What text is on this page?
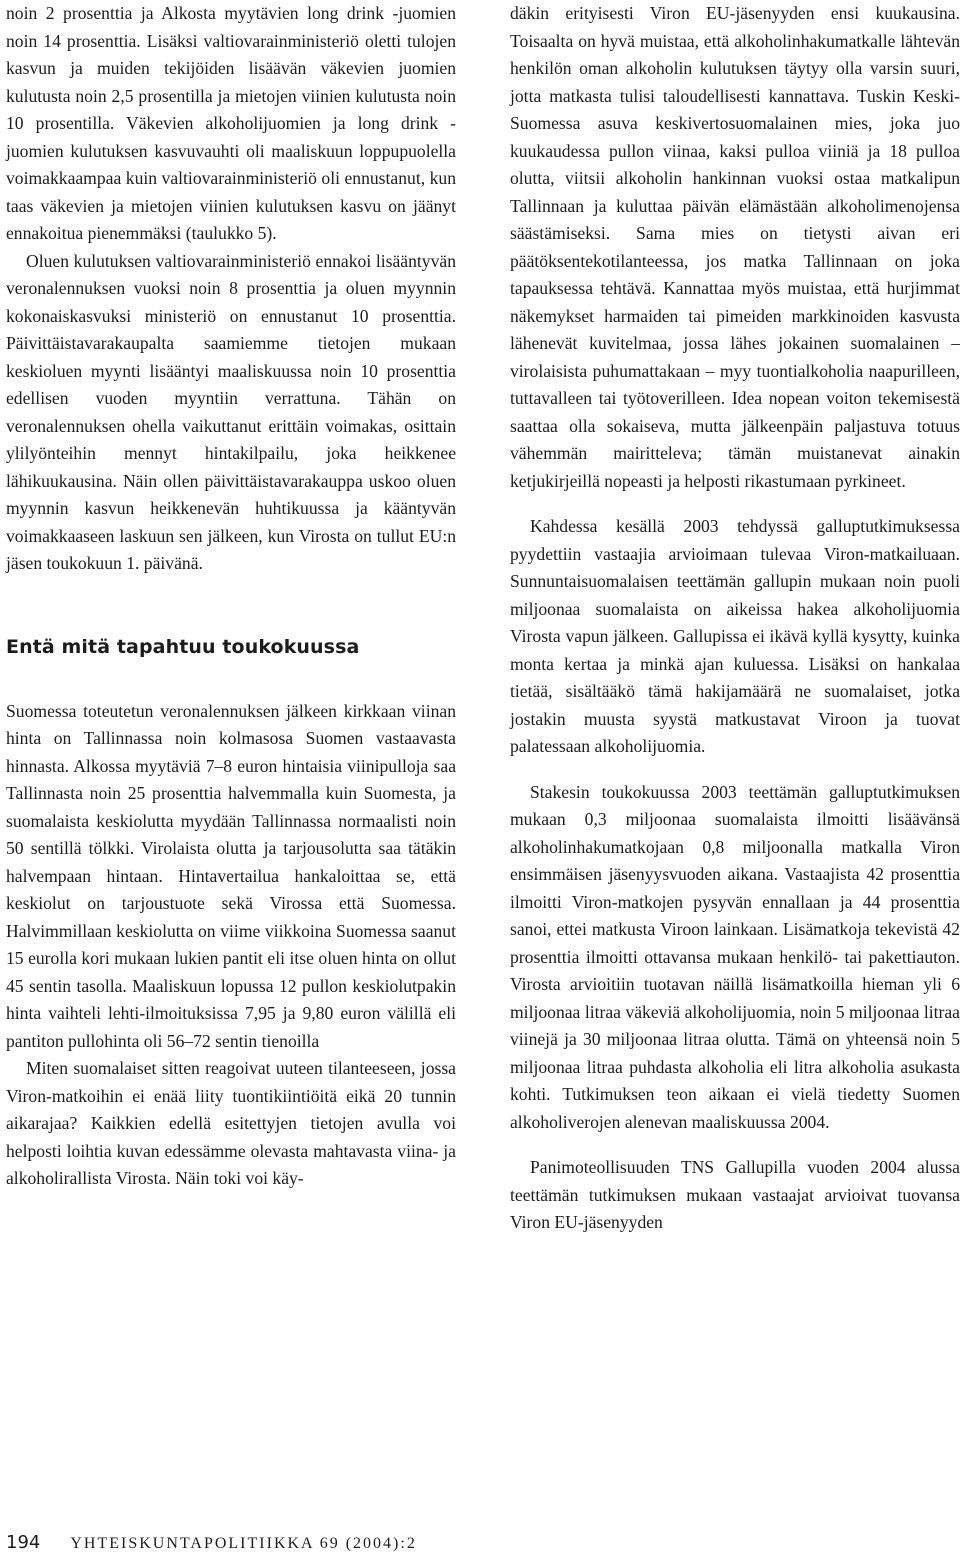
noin 2 prosenttia ja Alkosta myytävien long drink -juomien noin 14 prosenttia. Lisäksi valtiovarainministeriö oletti tulojen kasvun ja muiden tekijöiden lisäävän väkevien juomien kulutusta noin 2,5 prosentilla ja mietojen viinien kulutusta noin 10 prosentilla. Väkevien alkoholijuomien ja long drink -juomien kulutuksen kasvuvauhti oli maaliskuun loppupuolella voimakkaampaa kuin valtiovarainministeriö oli ennustanut, kun taas väkevien ja mietojen viinien kulutuksen kasvu on jäänyt ennakoitua pienemmäksi (taulukko 5).

Oluen kulutuksen valtiovarainministeriö ennakoi lisääntyvän veronalennuksen vuoksi noin 8 prosenttia ja oluen myynnin kokonaiskasvuksi ministeriö on ennustanut 10 prosenttia. Päivittäistavarakaupalta saamiemme tietojen mukaan keskioluen myynti lisääntyi maaliskuussa noin 10 prosenttia edellisen vuoden myyntiin verrattuna. Tähän on veronalennuksen ohella vaikuttanut erittäin voimakas, osittain ylilyönteihin mennyt hintakilpailu, joka heikkenee lähikuukausina. Näin ollen päivittäistavarakauppa uskoo oluen myynnin kasvun heikkenevän huhtikuussa ja kääntyvän voimakkaaseen laskuun sen jälkeen, kun Virosta on tullut EU:n jäsen toukokuun 1. päivänä.

Entä mitä tapahtuu toukokuussa

Suomessa toteutetun veronalennuksen jälkeen kirkkaan viinan hinta on Tallinnassa noin kolmasosa Suomen vastaavasta hinnasta. Alkossa myytäviä 7–8 euron hintaisia viinipulloja saa Tallinnasta noin 25 prosenttia halvemmalla kuin Suomesta, ja suomalaista keskiolutta myydään Tallinnassa normaalisti noin 50 sentillä tölkki. Virolaista olutta ja tarjousolutta saa tätäkin halvempaan hintaan. Hintavertailua hankaloittaa se, että keskiolut on tarjoustuote sekä Virossa että Suomessa. Halvimmillaan keskiolutta on viime viikkoina Suomessa saanut 15 eurolla kori mukaan lukien pantit eli itse oluen hinta on ollut 45 sentin tasolla. Maaliskuun lopussa 12 pullon keskiolutpakin hinta vaihteli lehti-ilmoituksissa 7,95 ja 9,80 euron välillä eli pantiton pullohinta oli 56–72 sentin tienoilla

Miten suomalaiset sitten reagoivat uuteen tilanteeseen, jossa Viron-matkoihin ei enää liity tuontikiintiöitä eikä 20 tunnin aikarajaa? Kaikkien edellä esitettyjen tietojen avulla voi helposti loihtia kuvan edessämme olevasta mahtavasta viina- ja alkoholirallista Virosta. Näin toki voi käy-

däkin erityisesti Viron EU-jäsenyyden ensi kuukausina. Toisaalta on hyvä muistaa, että alkoholinhakumatkalle lähtevän henkilön oman alkoholin kulutuksen täytyy olla varsin suuri, jotta matkasta tulisi taloudellisesti kannattava. Tuskin Keski-Suomessa asuva keskivertosuomalainen mies, joka juo kuukaudessa pullon viinaa, kaksi pulloa viiniä ja 18 pulloa olutta, viitsii alkoholin hankinnan vuoksi ostaa matkalipun Tallinnaan ja kuluttaa päivän elämästään alkoholimenojensa säästämiseksi. Sama mies on tietysti aivan eri päätöksentekotilanteessa, jos matka Tallinnaan on joka tapauksessa tehtävä. Kannattaa myös muistaa, että hurjimmat näkemykset harmaiden tai pimeiden markkinoiden kasvusta lähenevät kuvitelmaa, jossa lähes jokainen suomalainen – virolaisista puhumattakaan – myy tuontialkoholia naapurilleen, tuttavalleen tai työtoverilleen. Idea nopean voiton tekemisestä saattaa olla sokaiseva, mutta jälkeenpäin paljastuva totuus vähemmän mairitteleva; tämän muistanevat ainakin ketjukirjeillä nopeasti ja helposti rikastumaan pyrkineet.

Kahdessa kesällä 2003 tehdyssä galluptutkimuksessa pyydettiin vastaajia arvioimaan tulevaa Viron-matkailuaan. Sunnuntaisuomalaisen teettämän gallupin mukaan noin puoli miljoonaa suomalaista on aikeissa hakea alkoholijuomia Virosta vapun jälkeen. Gallupissa ei ikävä kyllä kysytty, kuinka monta kertaa ja minkä ajan kuluessa. Lisäksi on hankalaa tietää, sisältääkö tämä hakijamäärä ne suomalaiset, jotka jostakin muusta syystä matkustavat Viroon ja tuovat palatessaan alkoholijuomia.

Stakesin toukokuussa 2003 teettämän galluptutkimuksen mukaan 0,3 miljoonaa suomalaista ilmoitti lisäävänsä alkoholinhakumatkojaan 0,8 miljoonalla matkalla Viron ensimmäisen jäsenyysvuoden aikana. Vastaajista 42 prosenttia ilmoitti Viron-matkojen pysyvän ennallaan ja 44 prosenttia sanoi, ettei matkusta Viroon lainkaan. Lisämatkoja tekevistä 42 prosenttia ilmoitti ottavansa mukaan henkilö- tai pakettiauton. Virosta arvioitiin tuotavan näillä lisämatkoilla hieman yli 6 miljoonaa litraa väkeviä alkoholijuomia, noin 5 miljoonaa litraa viinejä ja 30 miljoonaa litraa olutta. Tämä on yhteensä noin 5 miljoonaa litraa puhdasta alkoholia eli litra alkoholia asukasta kohti. Tutkimuksen teon aikaan ei vielä tiedetty Suomen alkoholiverojen alenevan maaliskuussa 2004.

Panimoteollisuuden TNS Gallupilla vuoden 2004 alussa teettämän tutkimuksen mukaan vastaajat arvioivat tuovansa Viron EU-jäsenyyden

194 YHTEISKUNTAPOLITIIKKA 69 (2004):2
